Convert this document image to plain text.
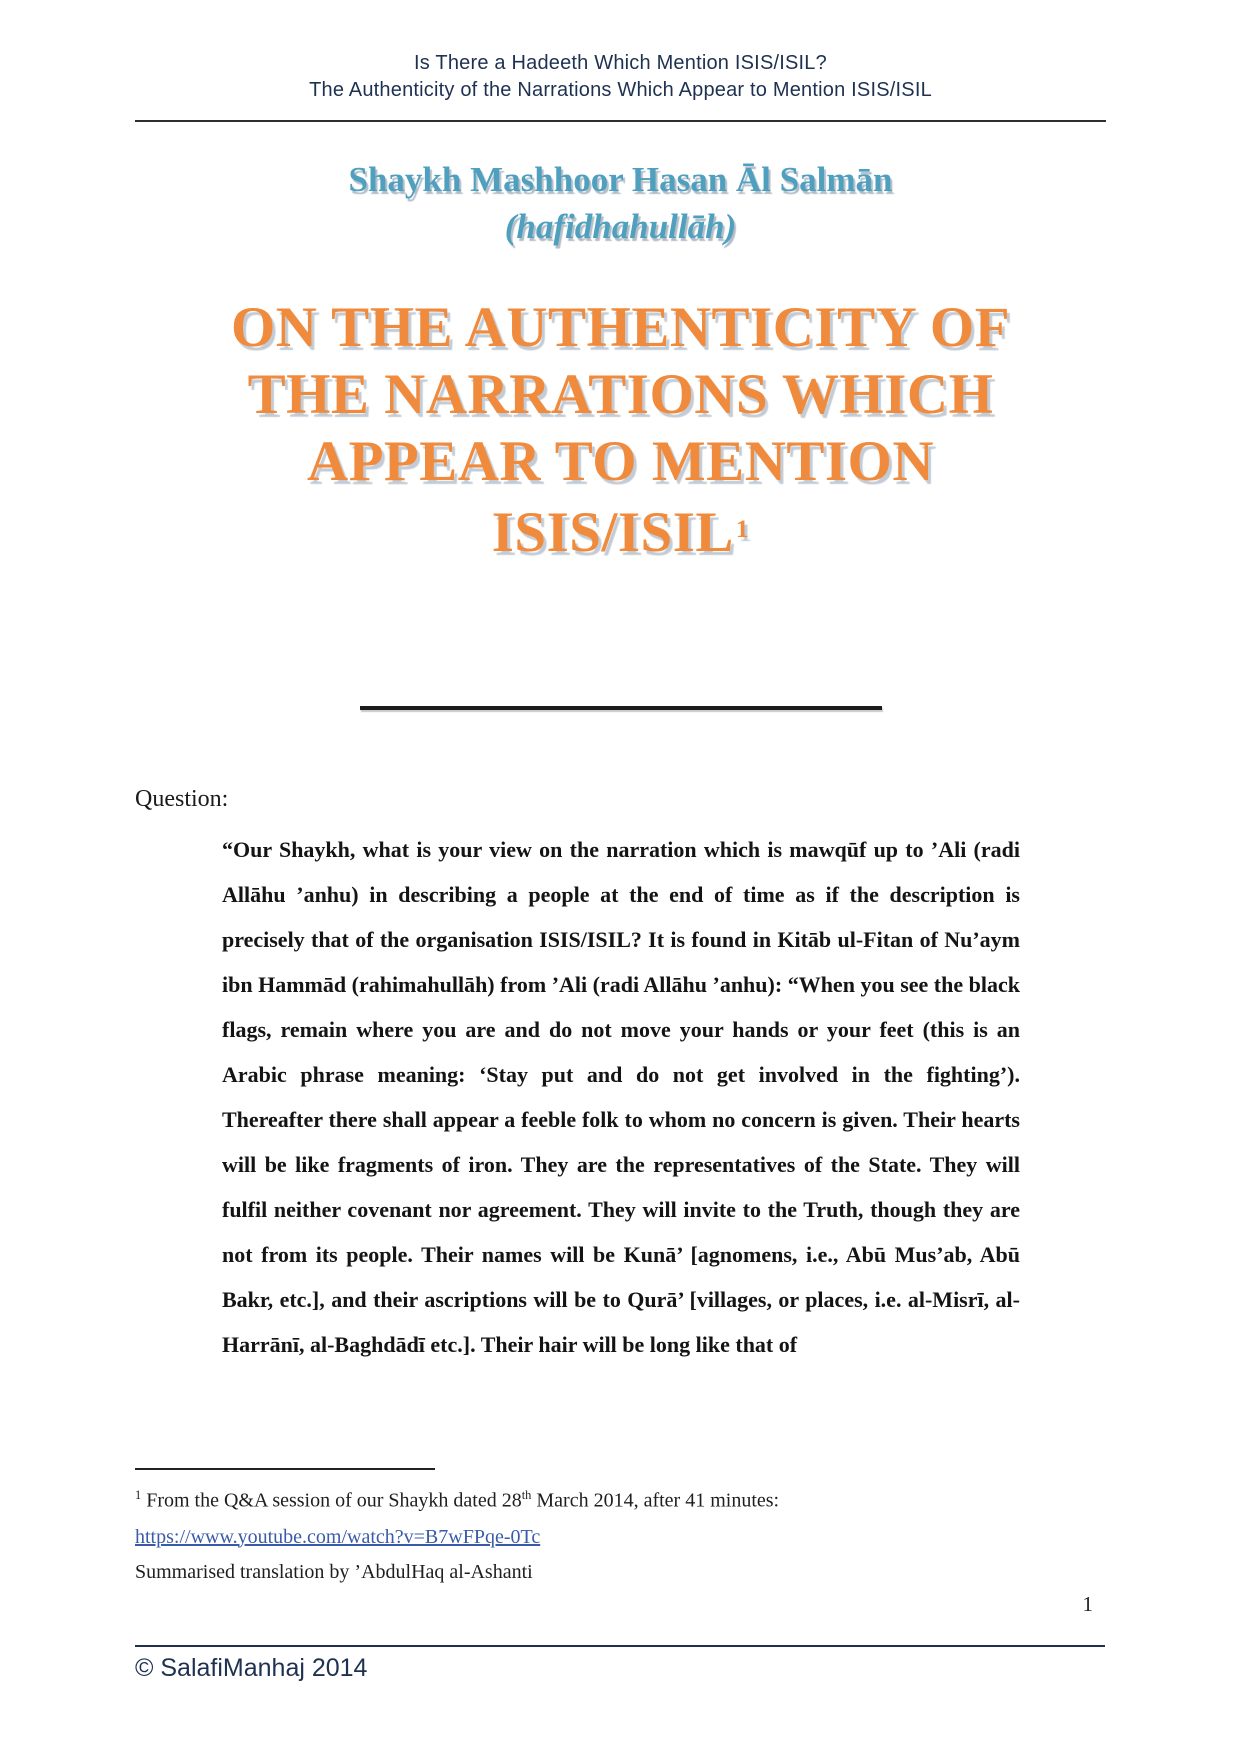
Is There a Hadeeth Which Mention ISIS/ISIL?
The Authenticity of the Narrations Which Appear to Mention ISIS/ISIL
Shaykh Mashhoor Hasan Āl Salmān
(hafidhahullāh)
ON THE AUTHENTICITY OF
THE NARRATIONS WHICH
APPEAR TO MENTION
ISIS/ISIL$^1$
Question:

“Our Shaykh, what is your view on the narration which is mawqūf up to ’Ali (radi Allāhu ’anhu) in describing a people at the end of time as if the description is precisely that of the organisation ISIS/ISIL? It is found in Kitāb ul-Fitan of Nu’aym ibn Hammād (rahimahullāh) from ’Ali (radi Allāhu ’anhu): “When you see the black flags, remain where you are and do not move your hands or your feet (this is an Arabic phrase meaning: ‘Stay put and do not get involved in the fighting’). Thereafter there shall appear a feeble folk to whom no concern is given. Their hearts will be like fragments of iron. They are the representatives of the State. They will fulfil neither covenant nor agreement. They will invite to the Truth, though they are not from its people. Their names will be Kunā’ [agnomens, i.e., Abū Mus’ab, Abū Bakr, etc.], and their ascriptions will be to Qurā’ [villages, or places, i.e. al-Misrī, al-Harrānī, al-Baghdādī etc.]. Their hair will be long like that of

$^1$ From the Q&A session of our Shaykh dated 28th March 2014, after 41 minutes:
https://www.youtube.com/watch?v=B7wFPqe-0Tc
Summarised translation by ’AbdulHaq al-Ashanti
1
© SalafiManhaj 2014
